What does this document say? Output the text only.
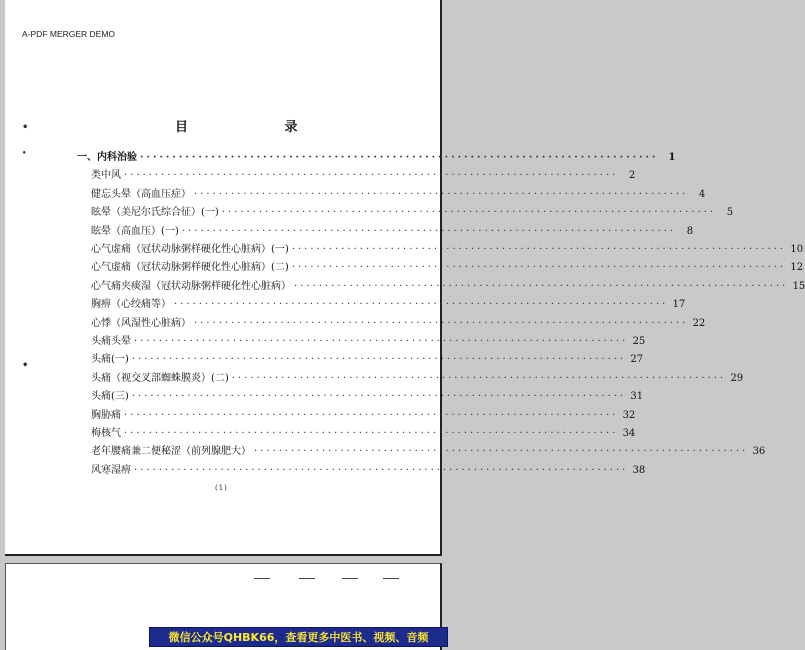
A-PDF MERGER DEMO
•
•
•
目 录
一、内科治验 ················································································	1
类中风 ················································································	2
健忘头晕（高血压症） ················································································	4
眩晕（美尼尔氏综合征）(一) ················································································	5
眩晕（高血压）(一) ················································································	8
心气虚痛（冠状动脉粥样硬化性心脏病）(一) ················································································ 10
心气虚痛（冠状动脉粥样硬化性心脏病）(二) ················································································ 12
心气痛夹痰湿（冠状动脉粥样硬化性心脏病） ················································································ 15
胸痹（心绞痛等） ················································································ 17
心悸（风湿性心脏病） ················································································ 22
头痛头晕 ················································································ 25
头痛(一) ················································································ 27
头痛（视交叉部蜘蛛膜炎）(二) ················································································ 29
头痛(三) ················································································ 31
胸胁痛 ················································································ 32
梅核气 ················································································ 34
老年腰痛兼二便秘涩（前列腺肥大） ················································································ 36
风寒湿痹 ················································································ 38
(1)
微信公众号QHBK66，查看更多中医书、视频、音频
